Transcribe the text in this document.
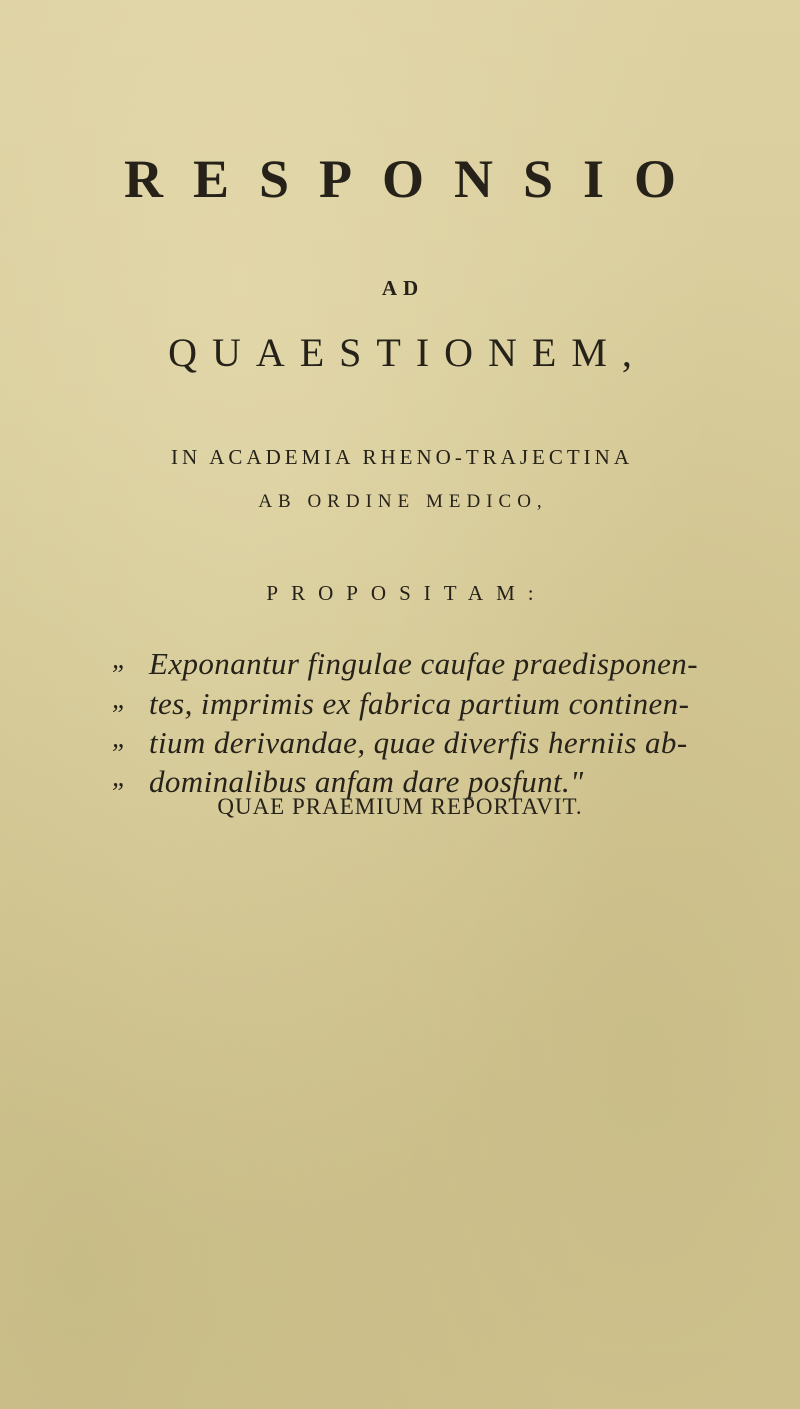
RESPONSIO
AD
QUAESTIONEM,
IN ACADEMIA RHENO-TRAJECTINA
AB ORDINE MEDICO,
PROPOSITAM:
„ Exponantur fingulae caufae praedisponen-
„ tes, imprimis ex fabrica partium continen-
„ tium derivandae, quae diverfis herniis ab-
„ dominalibus anfam dare posfunt."
QUAE PRAEMIUM REPORTAVIT.
